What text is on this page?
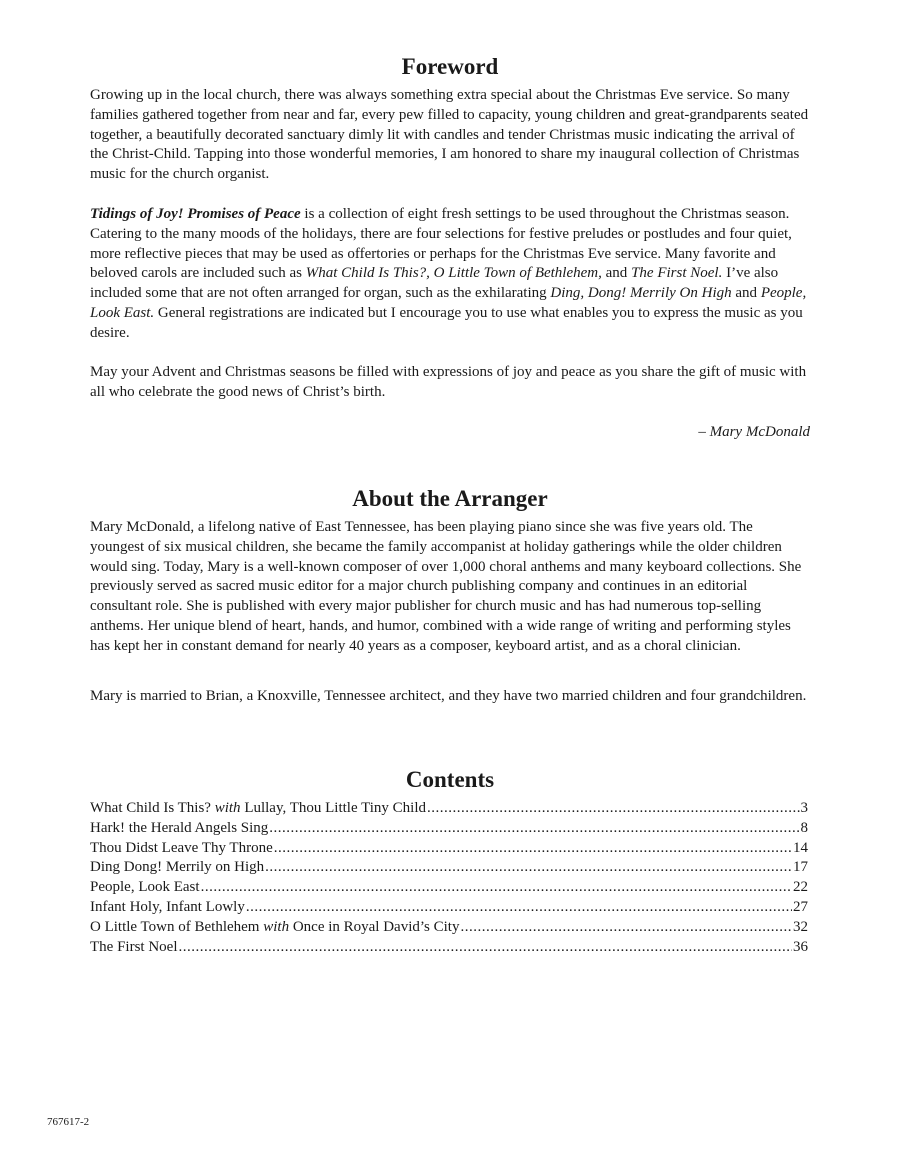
Foreword

Growing up in the local church, there was always something extra special about the Christmas Eve service. So many families gathered together from near and far, every pew filled to capacity, young children and great-grandparents seated together, a beautifully decorated sanctuary dimly lit with candles and tender Christmas music indicating the arrival of the Christ-Child. Tapping into those wonderful memories, I am honored to share my inaugural collection of Christmas music for the church organist.

Tidings of Joy! Promises of Peace is a collection of eight fresh settings to be used throughout the Christmas season. Catering to the many moods of the holidays, there are four selections for festive preludes or postludes and four quiet, more reflective pieces that may be used as offertories or perhaps for the Christmas Eve service. Many favorite and beloved carols are included such as What Child Is This?, O Little Town of Bethlehem, and The First Noel. I’ve also included some that are not often arranged for organ, such as the exhilarating Ding, Dong! Merrily On High and People, Look East. General registrations are indicated but I encourage you to use what enables you to express the music as you desire.

May your Advent and Christmas seasons be filled with expressions of joy and peace as you share the gift of music with all who celebrate the good news of Christ’s birth.

– Mary McDonald
About the Arranger

Mary McDonald, a lifelong native of East Tennessee, has been playing piano since she was five years old. The youngest of six musical children, she became the family accompanist at holiday gatherings while the older children would sing. Today, Mary is a well-known composer of over 1,000 choral anthems and many keyboard collections. She previously served as sacred music editor for a major church publishing company and continues in an editorial consultant role. She is published with every major publisher for church music and has had numerous top-selling anthems. Her unique blend of heart, hands, and humor, combined with a wide range of writing and performing styles has kept her in constant demand for nearly 40 years as a composer, keyboard artist, and as a choral clinician.

Mary is married to Brian, a Knoxville, Tennessee architect, and they have two married children and four grandchildren.

Contents
What Child Is This? with Lullay, Thou Little Tiny Child .....	3
Hark! the Herald Angels Sing .....	8
Thou Didst Leave Thy Throne .....	14
Ding Dong! Merrily on High .....	17
People, Look East .....	22
Infant Holy, Infant Lowly .....	27
O Little Town of Bethlehem with Once in Royal David’s City .....	32
The First Noel .....	36
767617-2
